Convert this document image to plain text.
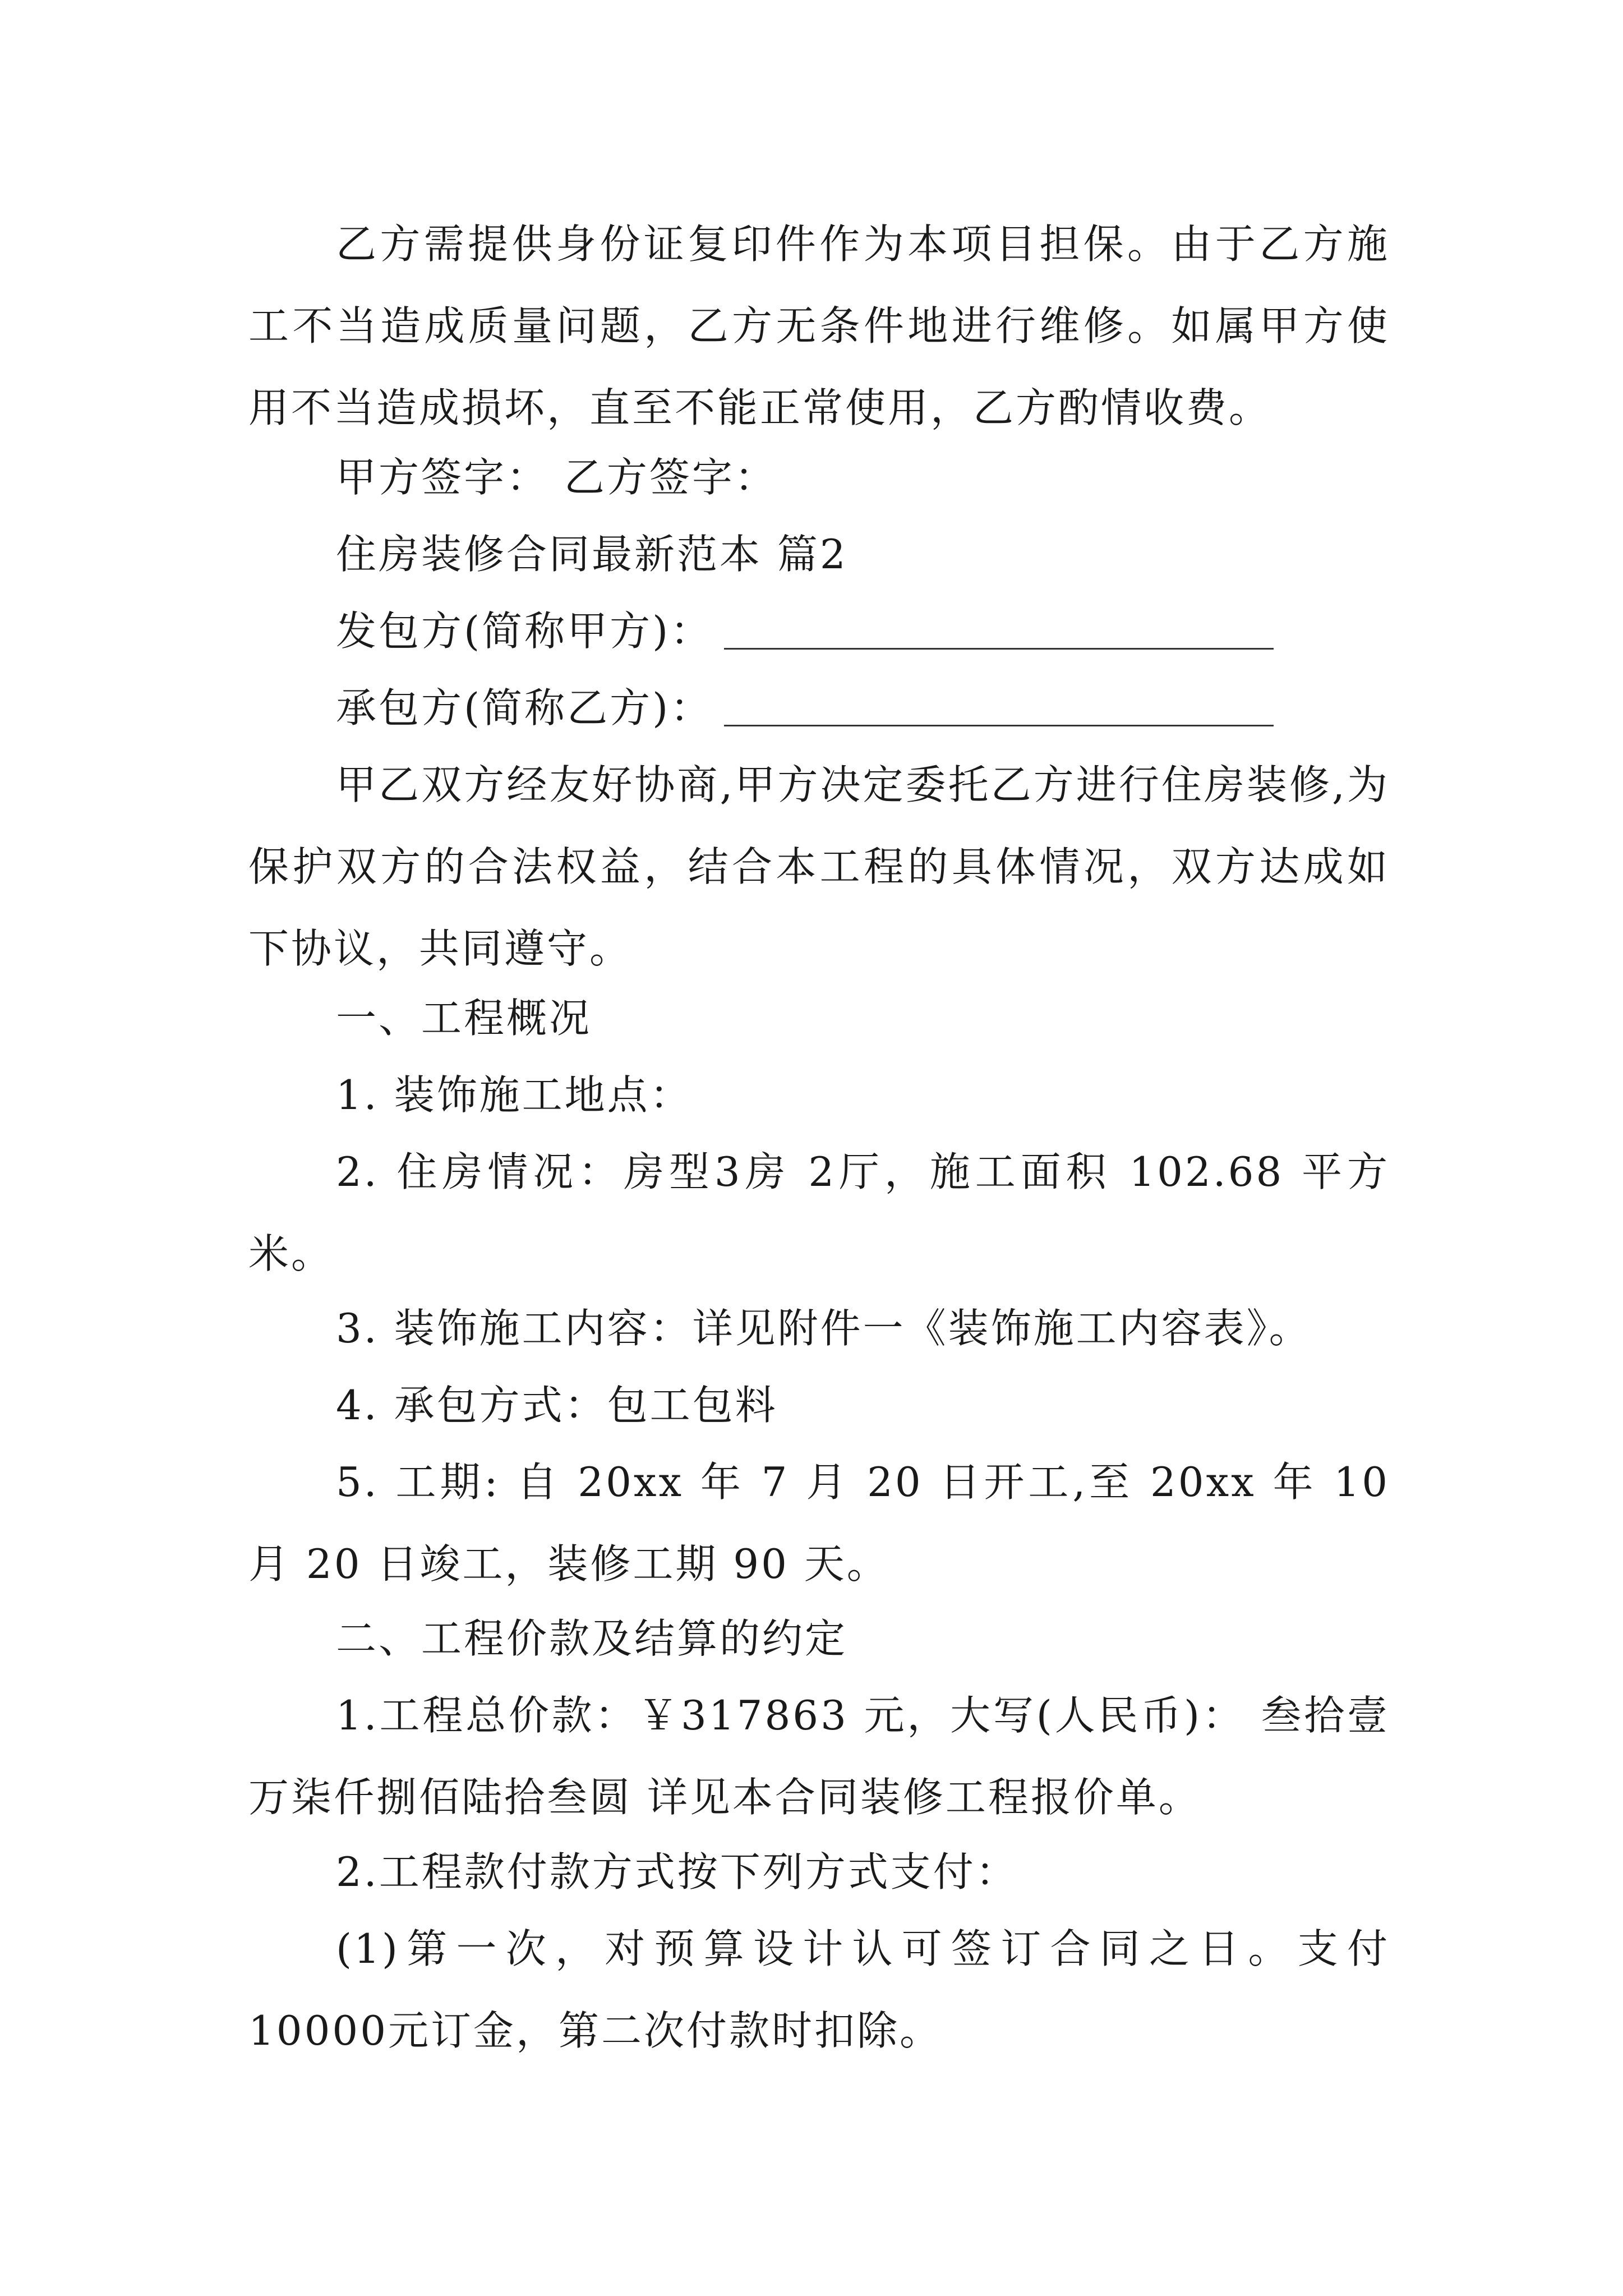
乙方需提供身份证复印件作为本项目担保。由于乙方施工不当造成质量问题，乙方无条件地进行维修。如属甲方使用不当造成损坏，直至不能正常使用，乙方酌情收费。

甲方签字： 乙方签字：

住房装修合同最新范本 篇2

发包方(简称甲方)：

承包方(简称乙方)：

甲乙双方经友好协商,甲方决定委托乙方进行住房装修,为保护双方的合法权益，结合本工程的具体情况，双方达成如下协议，共同遵守。

一、工程概况

1. 装饰施工地点：

2. 住房情况：房型3房 2厅，施工面积 102.68 平方米。

3. 装饰施工内容：详见附件一《装饰施工内容表》。

4. 承包方式：包工包料

5. 工期: 自 20xx 年 7 月 20 日开工,至 20xx 年 10 月 20 日竣工，装修工期 90 天。

二、工程价款及结算的约定

1.工程总价款：￥317863 元，大写(人民币)： 叁拾壹万柒仟捌佰陆拾叁圆 详见本合同装修工程报价单。

2.工程款付款方式按下列方式支付：

(1)第一次，对预算设计认可签订合同之日。支付10000元订金，第二次付款时扣除。
